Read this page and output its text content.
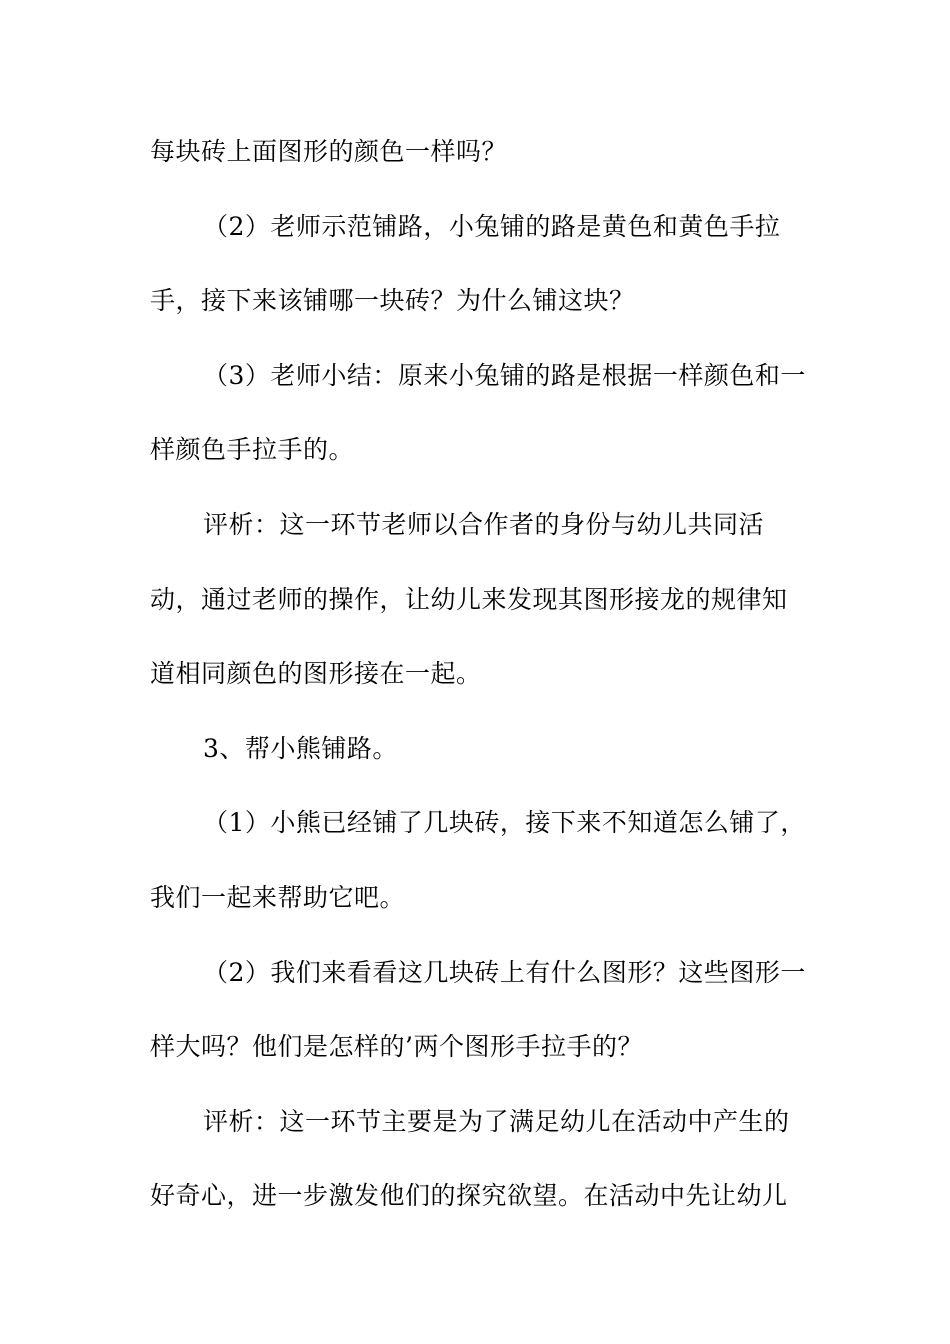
每块砖上面图形的颜色一样吗？
（2）老师示范铺路，小兔铺的路是黄色和黄色手拉
手，接下来该铺哪一块砖？为什么铺这块？
（3）老师小结：原来小兔铺的路是根据一样颜色和一
样颜色手拉手的。
评析：这一环节老师以合作者的身份与幼儿共同活
动，通过老师的操作，让幼儿来发现其图形接龙的规律知
道相同颜色的图形接在一起。
3、帮小熊铺路。
（1）小熊已经铺了几块砖，接下来不知道怎么铺了，
我们一起来帮助它吧。
（2）我们来看看这几块砖上有什么图形？这些图形一
样大吗？他们是怎样的’两个图形手拉手的？
评析：这一环节主要是为了满足幼儿在活动中产生的
好奇心，进一步激发他们的探究欲望。在活动中先让幼儿
